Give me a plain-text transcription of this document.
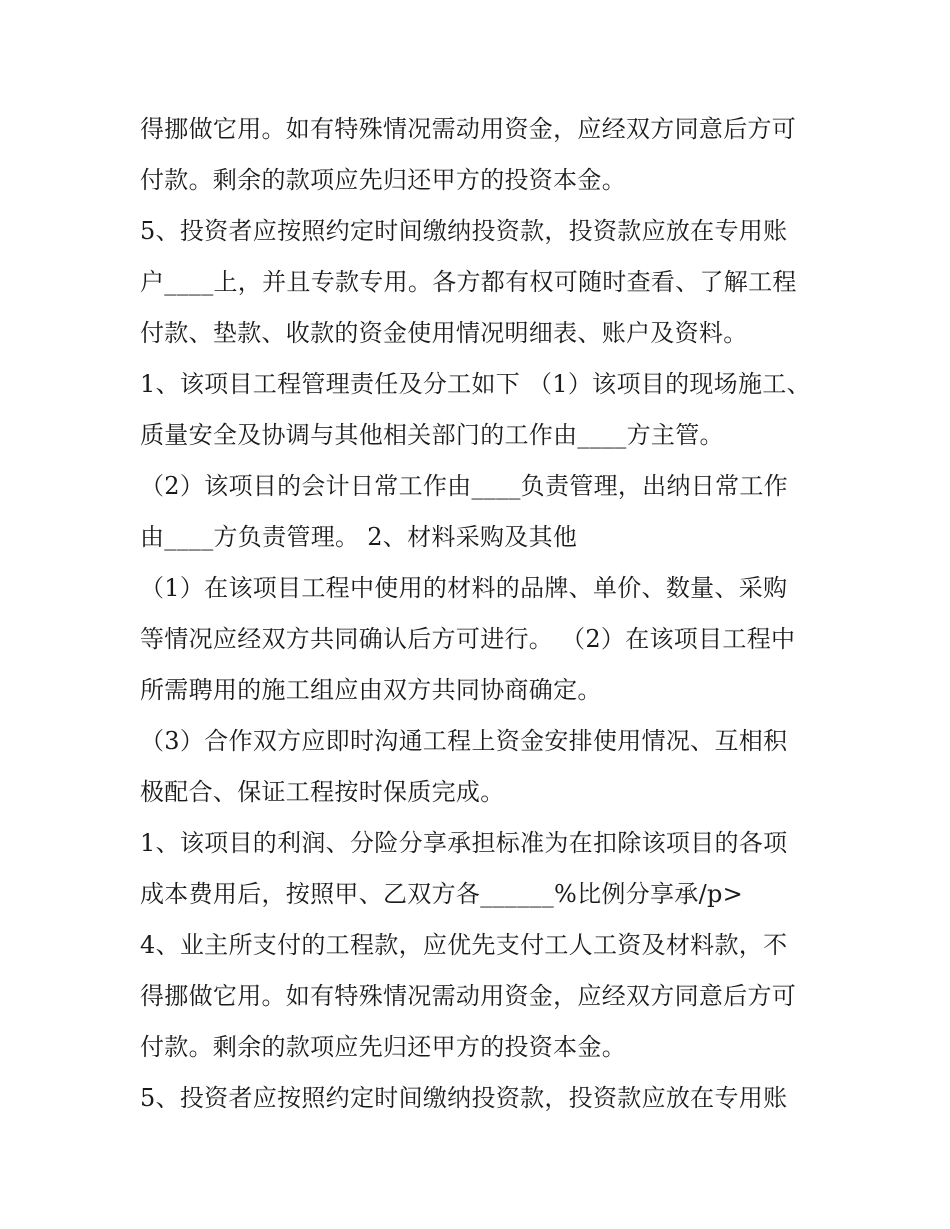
得挪做它用。如有特殊情况需动用资金，应经双方同意后方可
付款。剩余的款项应先归还甲方的投资本金。
5、投资者应按照约定时间缴纳投资款，投资款应放在专用账
户____上，并且专款专用。各方都有权可随时查看、了解工程
付款、垫款、收款的资金使用情况明细表、账户及资料。
1、该项目工程管理责任及分工如下 （1）该项目的现场施工、
质量安全及协调与其他相关部门的工作由____方主管。
（2）该项目的会计日常工作由____负责管理，出纳日常工作
由____方负责管理。 2、材料采购及其他
（1）在该项目工程中使用的材料的品牌、单价、数量、采购
等情况应经双方共同确认后方可进行。 （2）在该项目工程中
所需聘用的施工组应由双方共同协商确定。
（3）合作双方应即时沟通工程上资金安排使用情况、互相积
极配合、保证工程按时保质完成。
1、该项目的利润、分险分享承担标准为在扣除该项目的各项
成本费用后，按照甲、乙双方各______%比例分享承/p>
4、业主所支付的工程款，应优先支付工人工资及材料款，不
得挪做它用。如有特殊情况需动用资金，应经双方同意后方可
付款。剩余的款项应先归还甲方的投资本金。
5、投资者应按照约定时间缴纳投资款，投资款应放在专用账
